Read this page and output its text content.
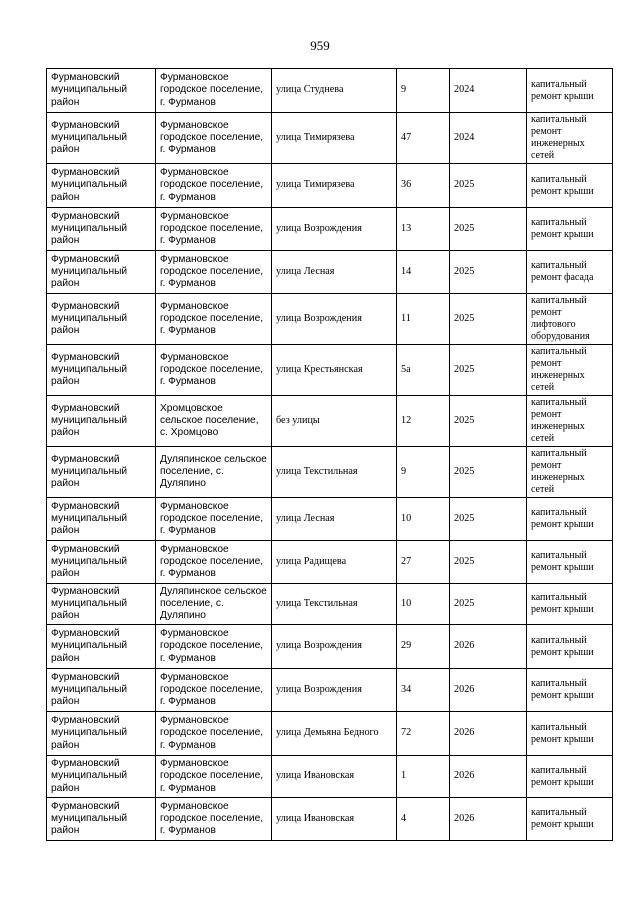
959
Фурмановский муниципальный район	Фурмановское городское поселение, г. Фурманов	улица Студнева	9	2024	капитальный ремонт крыши
Фурмановский муниципальный район	Фурмановское городское поселение, г. Фурманов	улица Тимирязева	47	2024	капитальный ремонт инженерных сетей
Фурмановский муниципальный район	Фурмановское городское поселение, г. Фурманов	улица Тимирязева	36	2025	капитальный ремонт крыши
Фурмановский муниципальный район	Фурмановское городское поселение, г. Фурманов	улица Возрождения	13	2025	капитальный ремонт крыши
Фурмановский муниципальный район	Фурмановское городское поселение, г. Фурманов	улица Лесная	14	2025	капитальный ремонт фасада
Фурмановский муниципальный район	Фурмановское городское поселение, г. Фурманов	улица Возрождения	11	2025	капитальный ремонт лифтового оборудования
Фурмановский муниципальный район	Фурмановское городское поселение, г. Фурманов	улица Крестьянская	5а	2025	капитальный ремонт инженерных сетей
Фурмановский муниципальный район	Хромцовское сельское поселение, с. Хромцово	без улицы	12	2025	капитальный ремонт инженерных сетей
Фурмановский муниципальный район	Дуляпинское сельское поселение, с. Дуляпино	улица Текстильная	9	2025	капитальный ремонт инженерных сетей
Фурмановский муниципальный район	Фурмановское городское поселение, г. Фурманов	улица Лесная	10	2025	капитальный ремонт крыши
Фурмановский муниципальный район	Фурмановское городское поселение, г. Фурманов	улица Радищева	27	2025	капитальный ремонт крыши
Фурмановский муниципальный район	Дуляпинское сельское поселение, с. Дуляпино	улица Текстильная	10	2025	капитальный ремонт крыши
Фурмановский муниципальный район	Фурмановское городское поселение, г. Фурманов	улица Возрождения	29	2026	капитальный ремонт крыши
Фурмановский муниципальный район	Фурмановское городское поселение, г. Фурманов	улица Возрождения	34	2026	капитальный ремонт крыши
Фурмановский муниципальный район	Фурмановское городское поселение, г. Фурманов	улица Демьяна Бедного	72	2026	капитальный ремонт крыши
Фурмановский муниципальный район	Фурмановское городское поселение, г. Фурманов	улица Ивановская	1	2026	капитальный ремонт крыши
Фурмановский муниципальный район	Фурмановское городское поселение, г. Фурманов	улица Ивановская	4	2026	капитальный ремонт крыши
